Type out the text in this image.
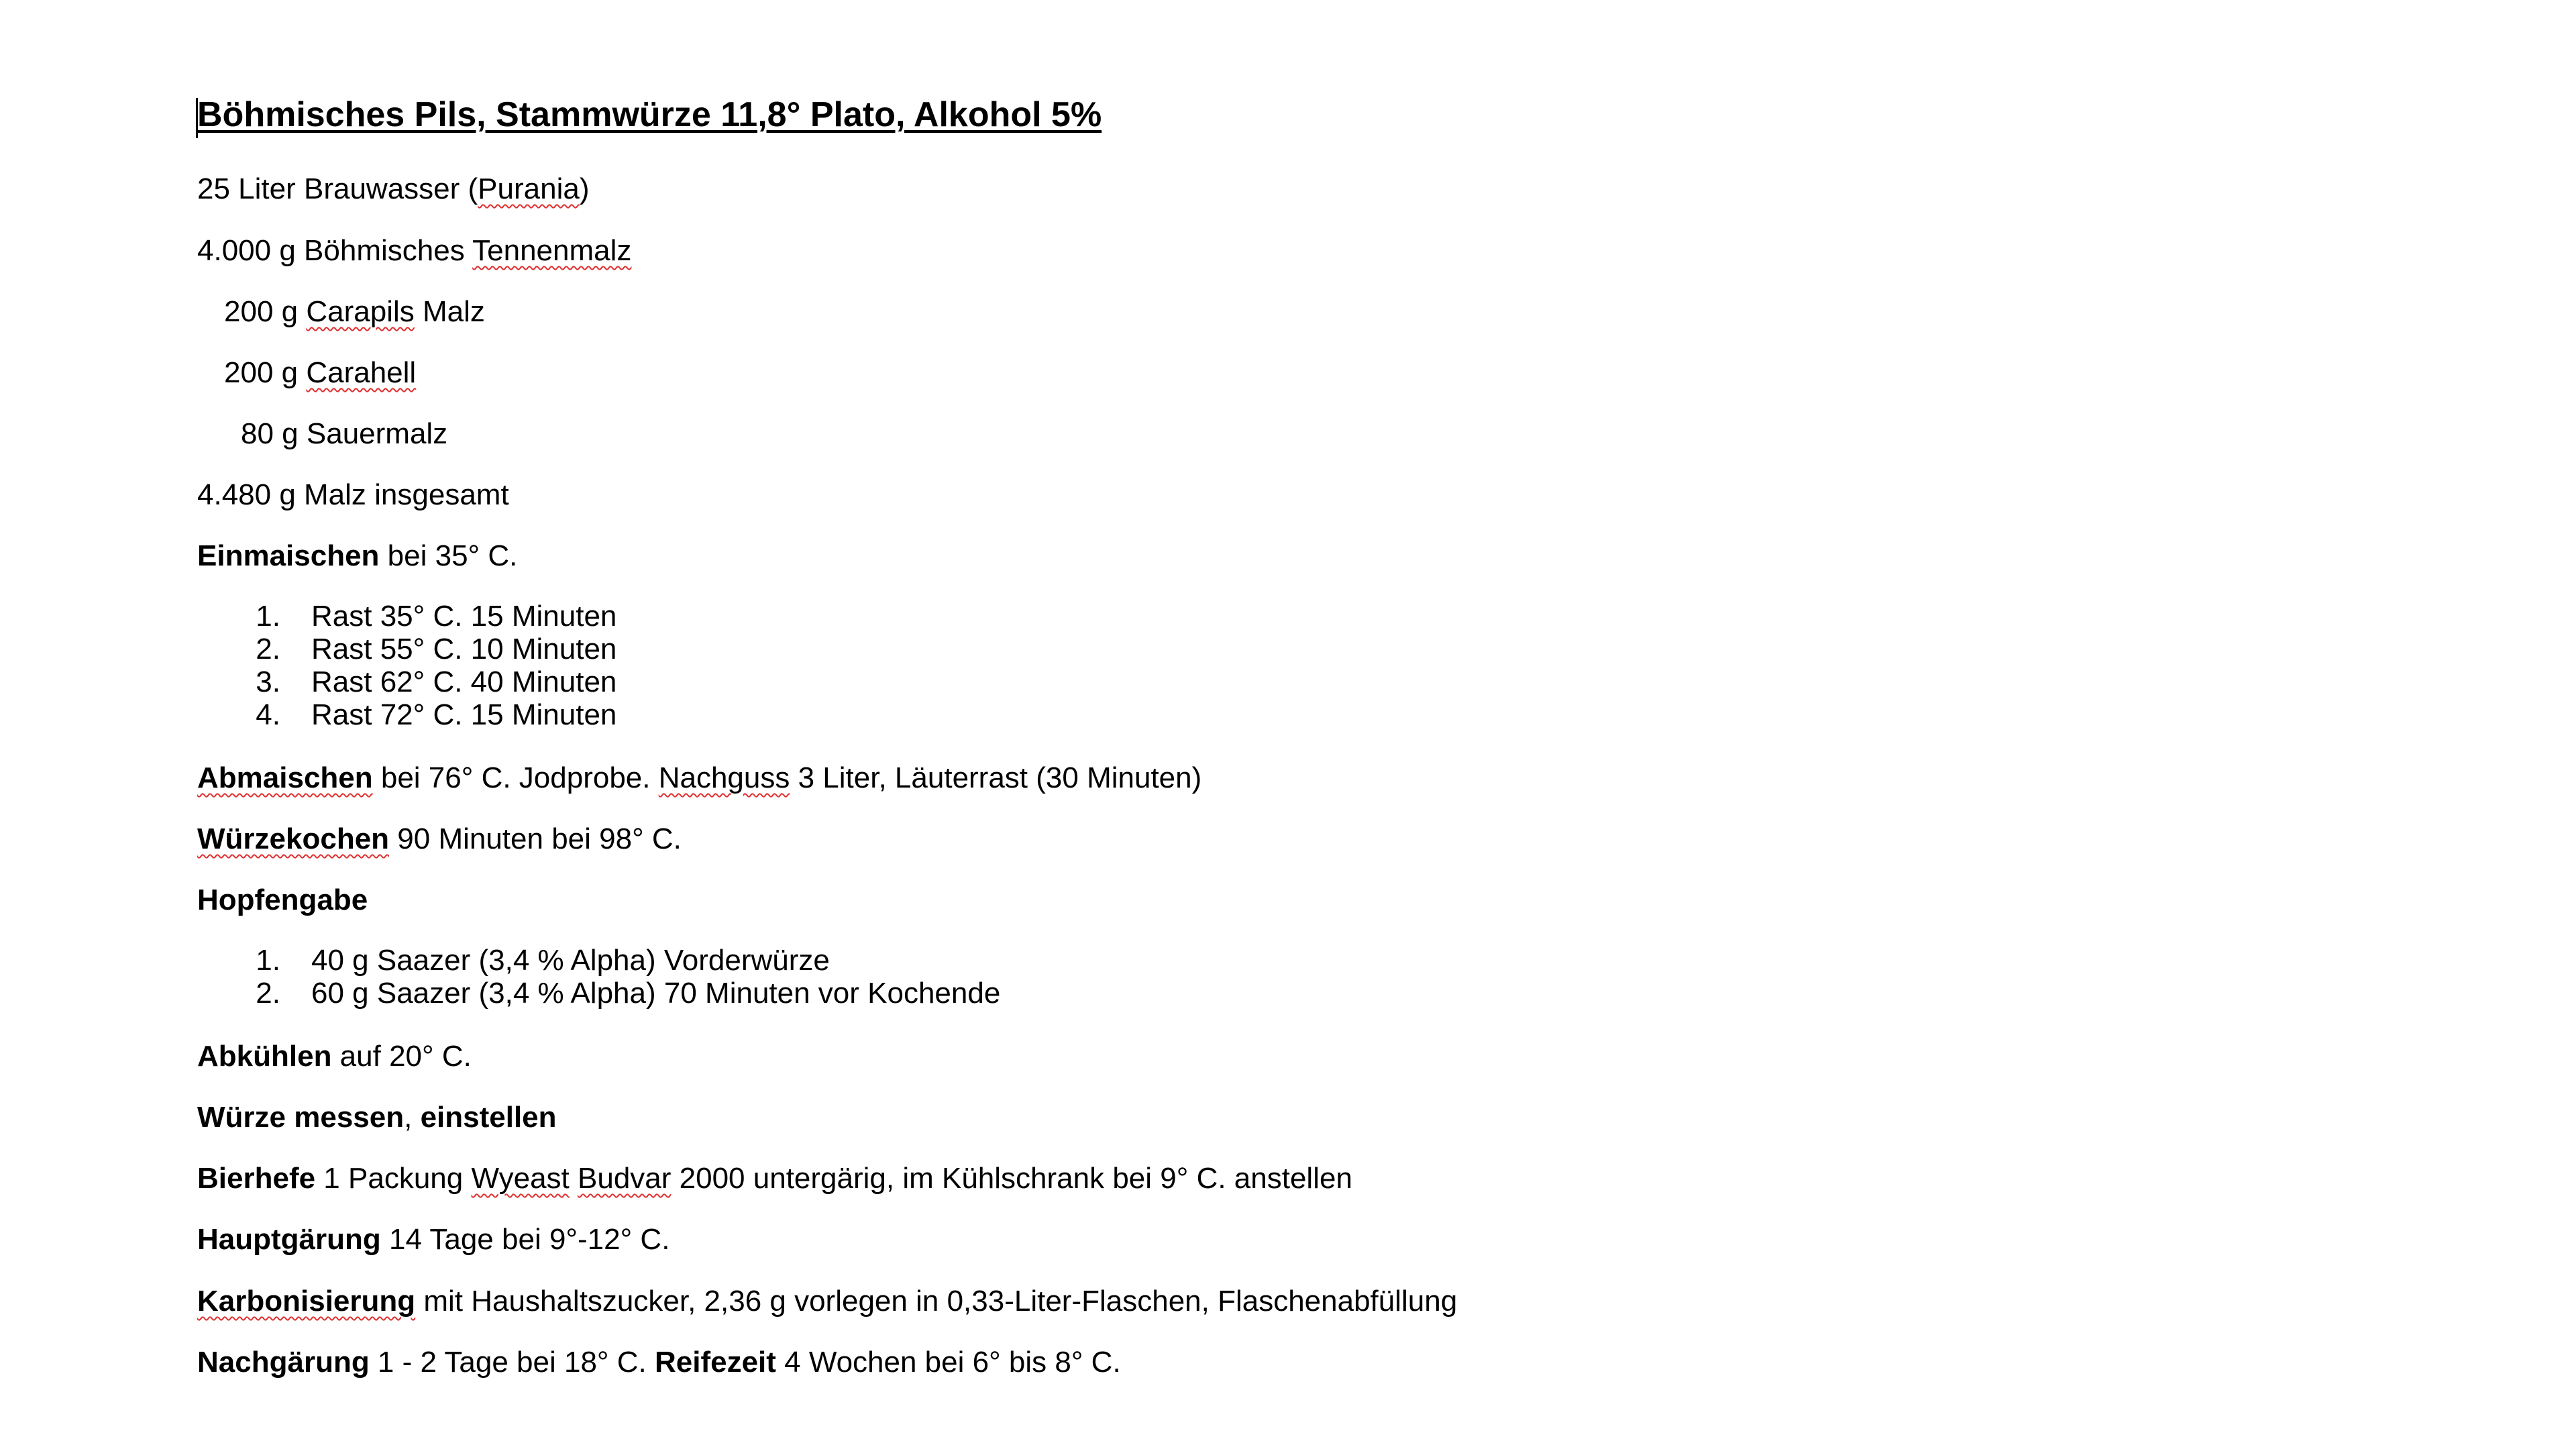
Böhmisches Pils, Stammwürze 11,8° Plato, Alkohol 5%
25 Liter Brauwasser (Purania)
4.000 g Böhmisches Tennenmalz
200 g Carapils Malz
200 g Carahell
80 g Sauermalz
4.480 g Malz insgesamt
Einmaischen bei 35° C.
1. Rast 35° C. 15 Minuten
2. Rast 55° C. 10 Minuten
3. Rast 62° C. 40 Minuten
4. Rast 72° C. 15 Minuten
Abmaischen bei 76° C. Jodprobe. Nachguss 3 Liter, Läuterrast (30 Minuten)
Würzekochen 90 Minuten bei 98° C.
Hopfengabe
1. 40 g Saazer (3,4 % Alpha) Vorderwürze
2. 60 g Saazer (3,4 % Alpha) 70 Minuten vor Kochende
Abkühlen auf 20° C.
Würze messen, einstellen
Bierhefe 1 Packung Wyeast Budvar 2000 untergärig, im Kühlschrank bei 9° C. anstellen
Hauptgärung 14 Tage bei 9°-12° C.
Karbonisierung mit Haushaltszucker, 2,36 g vorlegen in 0,33-Liter-Flaschen, Flaschenabfüllung
Nachgärung 1 - 2 Tage bei 18° C. Reifezeit 4 Wochen bei 6° bis 8° C.
